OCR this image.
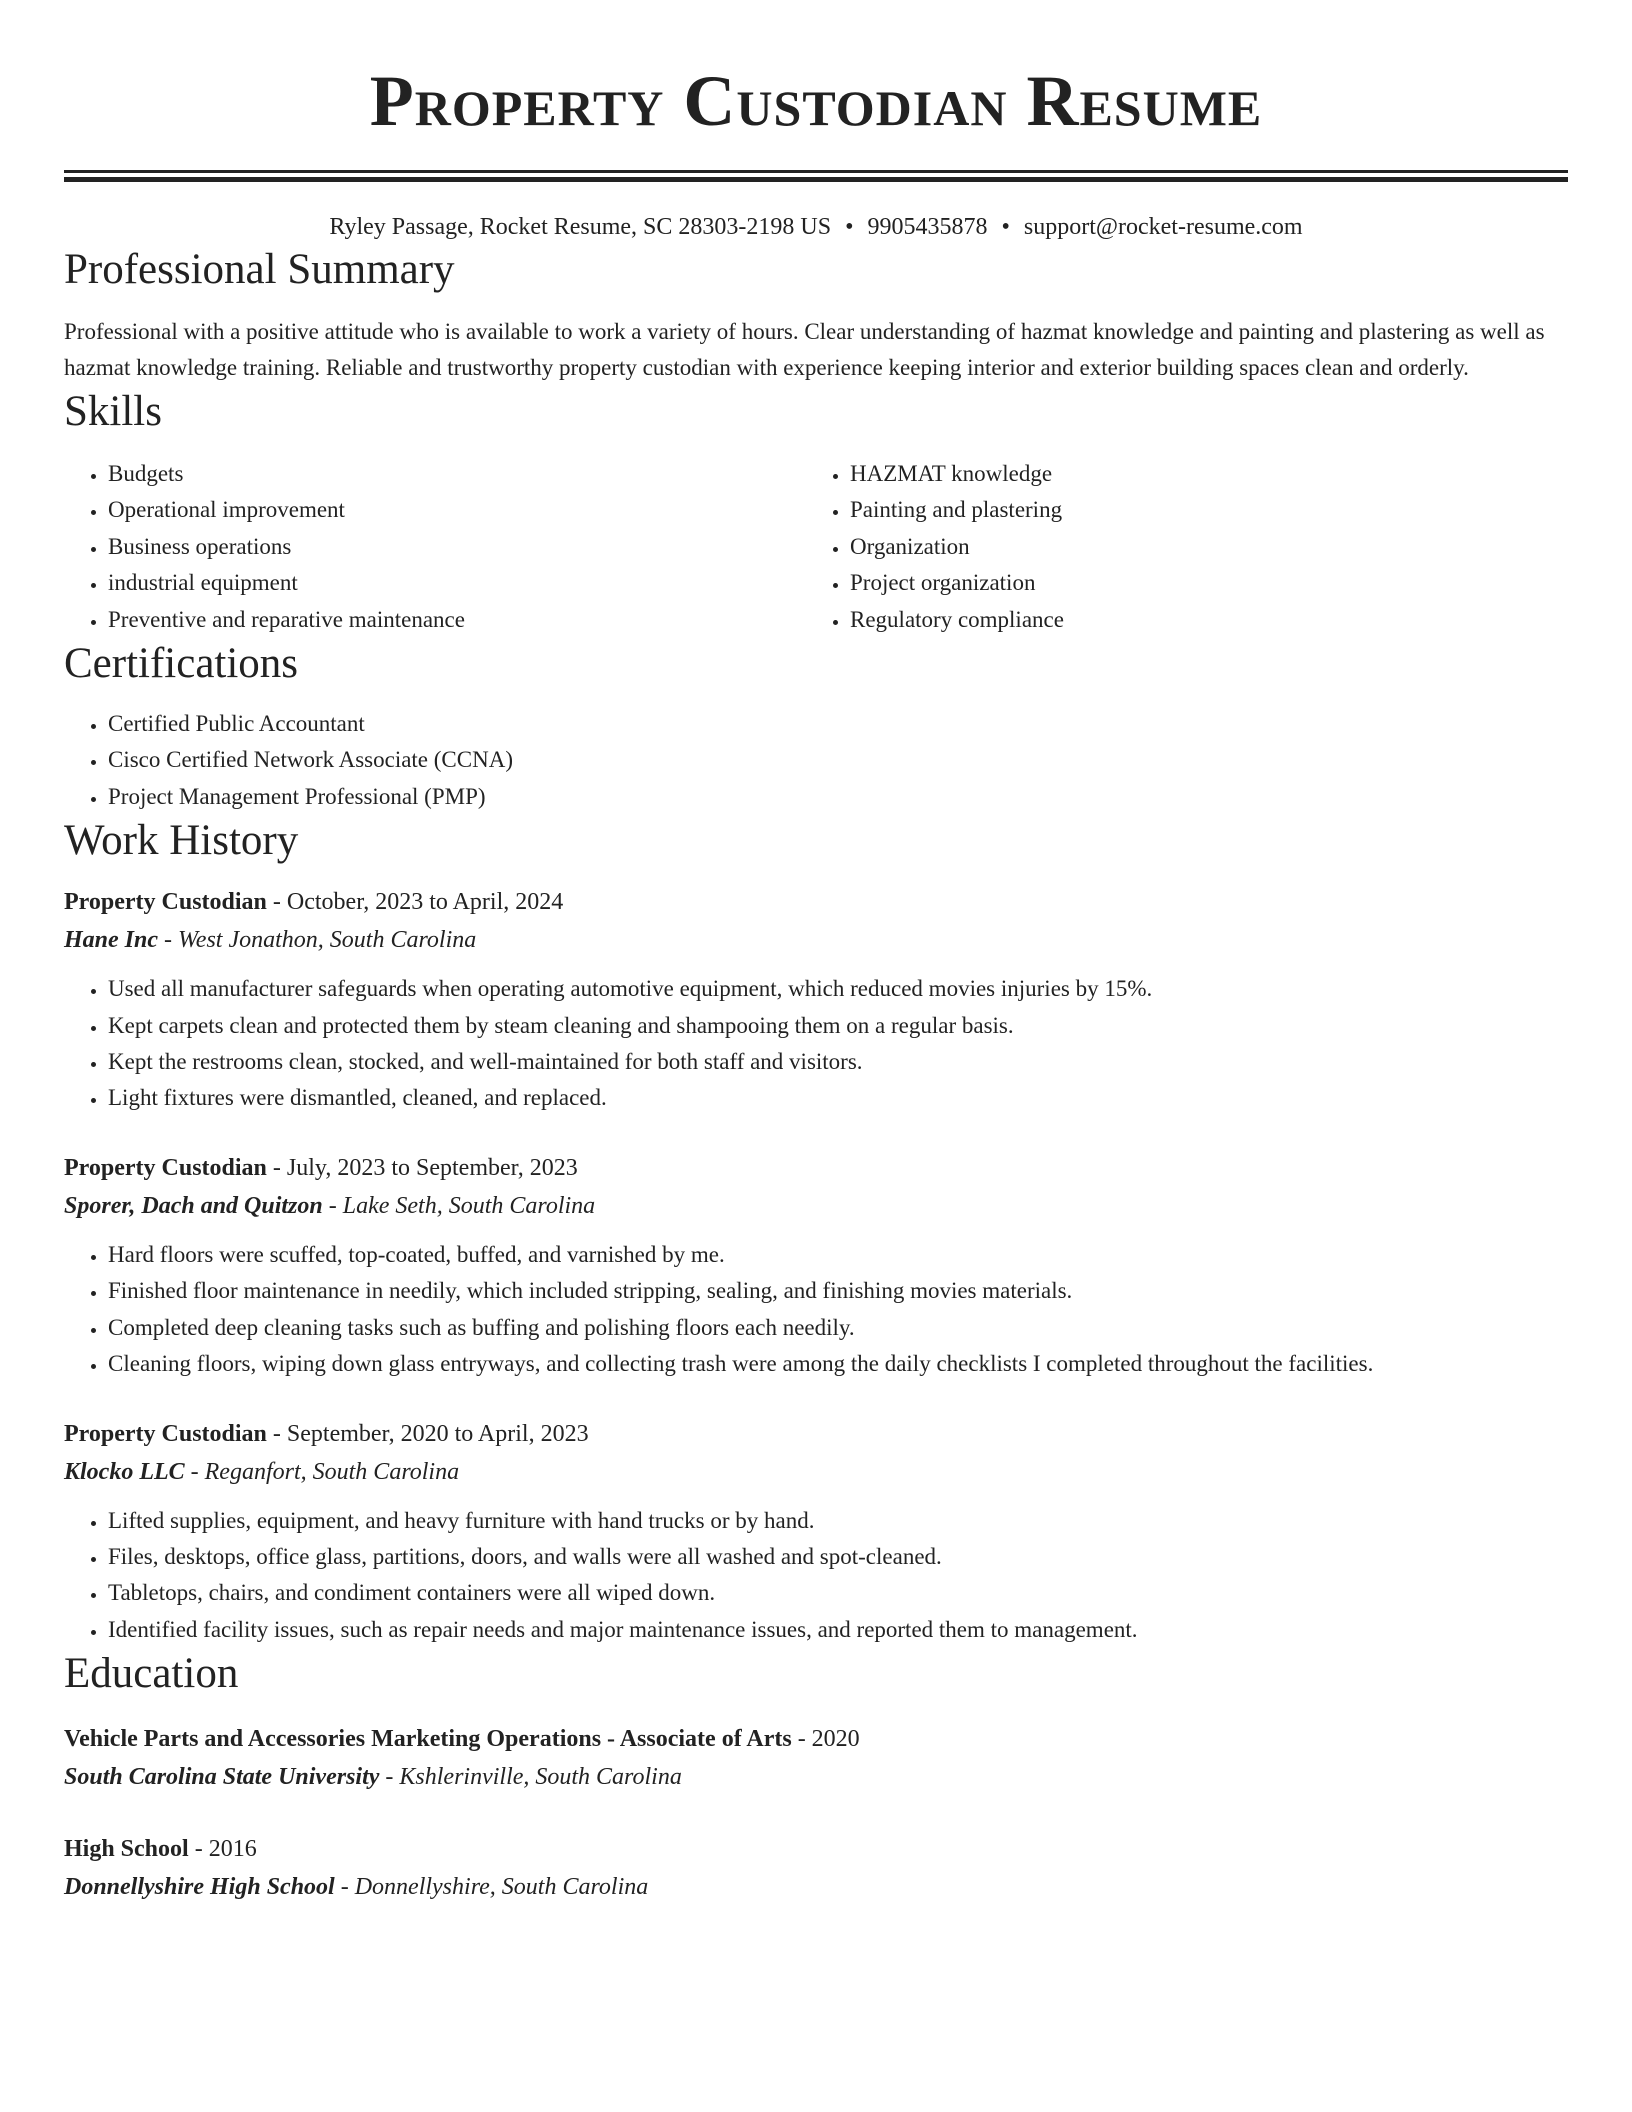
Property Custodian Resume
Ryley Passage, Rocket Resume, SC 28303-2198 US • 9905435878 • support@rocket-resume.com
Professional Summary
Professional with a positive attitude who is available to work a variety of hours. Clear understanding of hazmat knowledge and painting and plastering as well as hazmat knowledge training. Reliable and trustworthy property custodian with experience keeping interior and exterior building spaces clean and orderly.
Skills
• Budgets
• Operational improvement
• Business operations
• industrial equipment
• Preventive and reparative maintenance
• HAZMAT knowledge
• Painting and plastering
• Organization
• Project organization
• Regulatory compliance
Certifications
• Certified Public Accountant
• Cisco Certified Network Associate (CCNA)
• Project Management Professional (PMP)
Work History
Property Custodian - October, 2023 to April, 2024
Hane Inc - West Jonathon, South Carolina
• Used all manufacturer safeguards when operating automotive equipment, which reduced movies injuries by 15%.
• Kept carpets clean and protected them by steam cleaning and shampooing them on a regular basis.
• Kept the restrooms clean, stocked, and well-maintained for both staff and visitors.
• Light fixtures were dismantled, cleaned, and replaced.
Property Custodian - July, 2023 to September, 2023
Sporer, Dach and Quitzon - Lake Seth, South Carolina
• Hard floors were scuffed, top-coated, buffed, and varnished by me.
• Finished floor maintenance in needily, which included stripping, sealing, and finishing movies materials.
• Completed deep cleaning tasks such as buffing and polishing floors each needily.
• Cleaning floors, wiping down glass entryways, and collecting trash were among the daily checklists I completed throughout the facilities.
Property Custodian - September, 2020 to April, 2023
Klocko LLC - Reganfort, South Carolina
• Lifted supplies, equipment, and heavy furniture with hand trucks or by hand.
• Files, desktops, office glass, partitions, doors, and walls were all washed and spot-cleaned.
• Tabletops, chairs, and condiment containers were all wiped down.
• Identified facility issues, such as repair needs and major maintenance issues, and reported them to management.
Education
Vehicle Parts and Accessories Marketing Operations - Associate of Arts - 2020
South Carolina State University - Kshlerinville, South Carolina
High School - 2016
Donnellyshire High School - Donnellyshire, South Carolina
